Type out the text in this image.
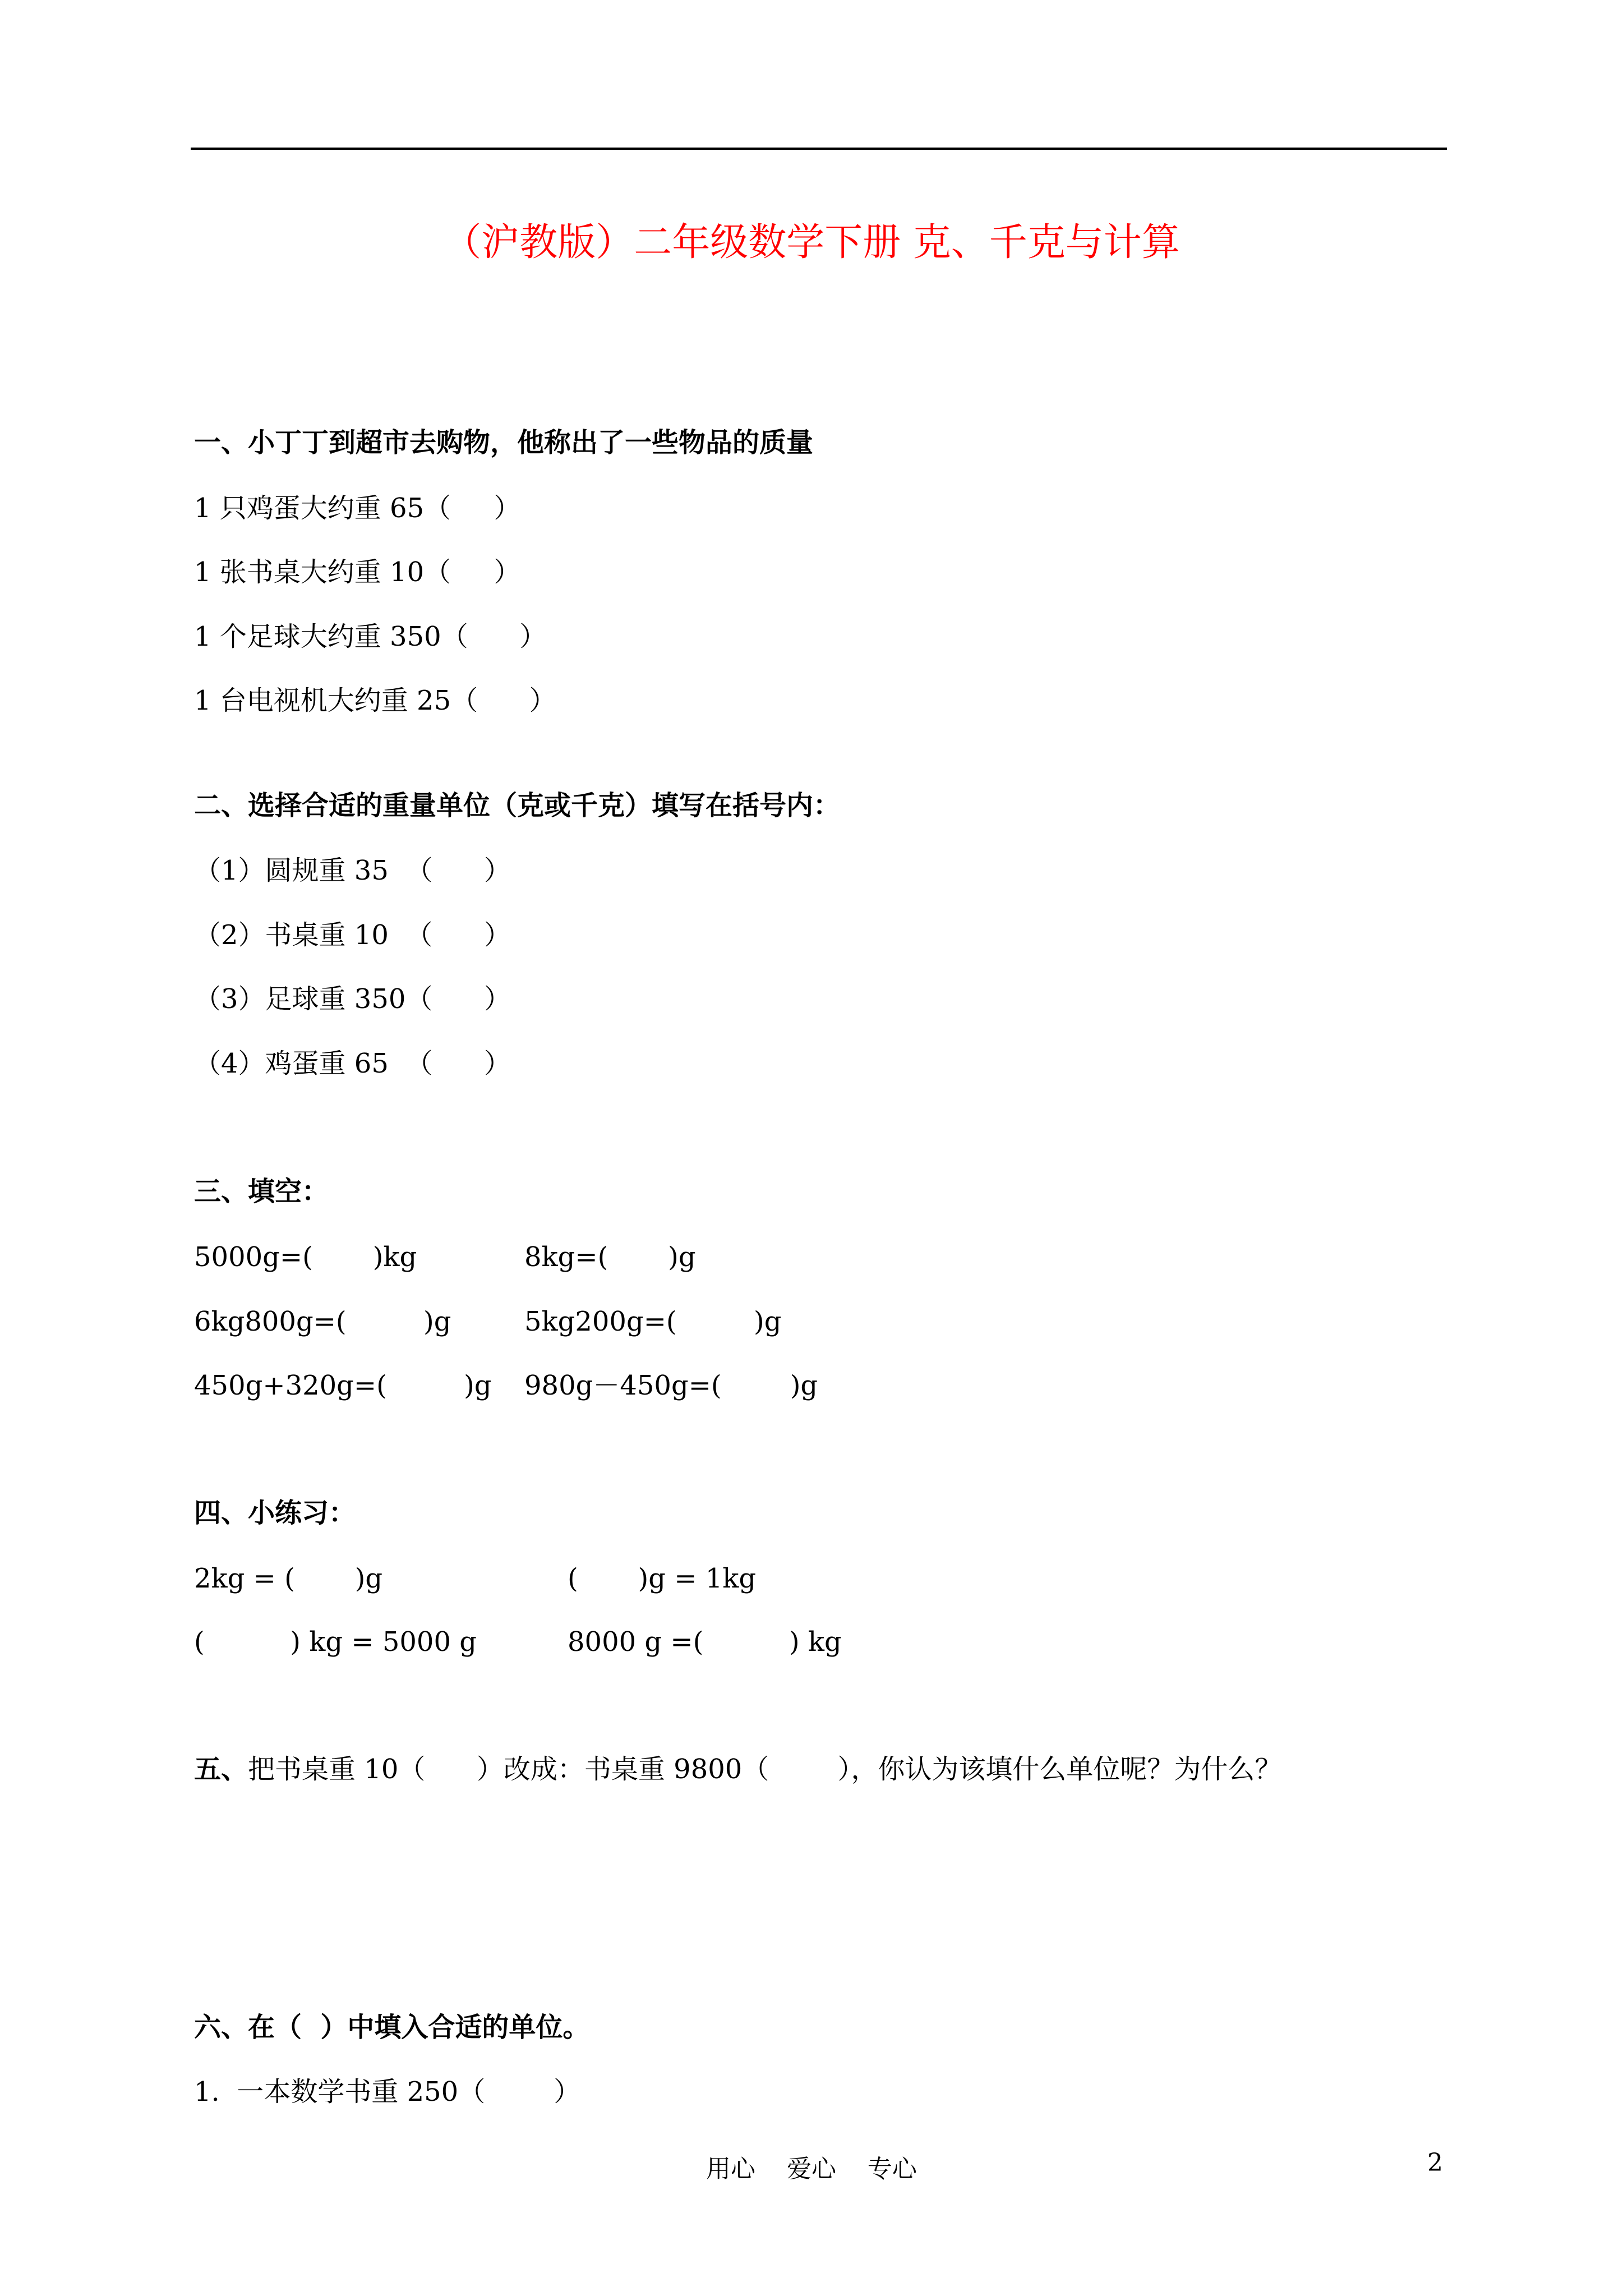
（沪教版）二年级数学下册 克、千克与计算
一、小丁丁到超市去购物，他称出了一些物品的质量
1 只鸡蛋大约重 65（     ）
1 张书桌大约重 10（     ）
1 个足球大约重 350（      ）
1 台电视机大约重 25（      ）
二、选择合适的重量单位（克或千克）填写在括号内：
（1）圆规重 35  （      ）
（2）书桌重 10  （      ）
（3）足球重 350（      ）
（4）鸡蛋重 65  （      ）
三、填空：
5000g=(       )kg	8kg=(       )g
6kg800g=(         )g	5kg200g=(         )g
450g+320g=(         )g 980g－450g=(        )g
四、小练习：
2kg = (       )g	(       )g = 1kg
(          ) kg = 5000 g	8000 g =(          ) kg
五、把书桌重 10（      ）改成：书桌重 9800（        ），你认为该填什么单位呢？为什么？
六、在（  ）中填入合适的单位。
1.  一本数学书重 250（        ）
用心    爱心    专心	2
